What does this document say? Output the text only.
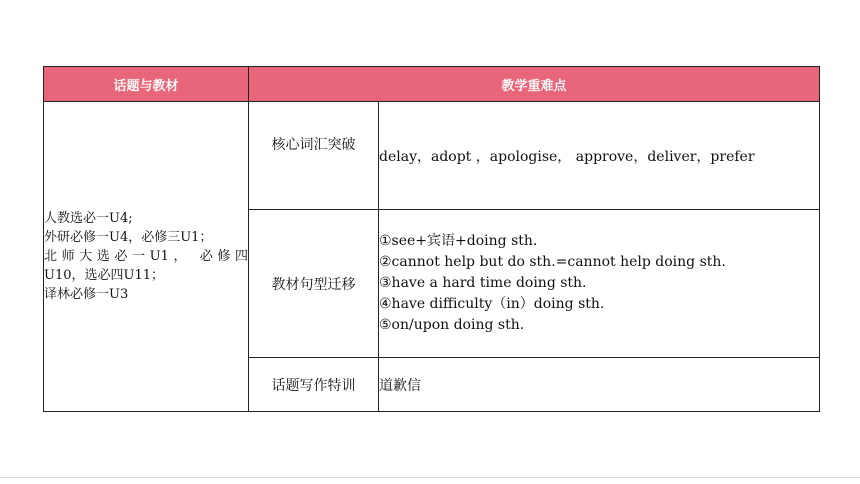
话题与教材	教学重难点	

人教选必一U4;
外研必修一U4，必修三U1；
北师大选必一U1， 必修四
U10，选必四U11；
译林必修一U3	核心词汇突破	delay，adopt ，apologise， approve，deliver，prefer
	教材句型迁移	①see+宾语+doing sth.
②cannot help but do sth.=cannot help doing sth.
③have a hard time doing sth.
④have difficulty（in）doing sth.
⑤on/upon doing sth.

	话题写作特训	道歉信
